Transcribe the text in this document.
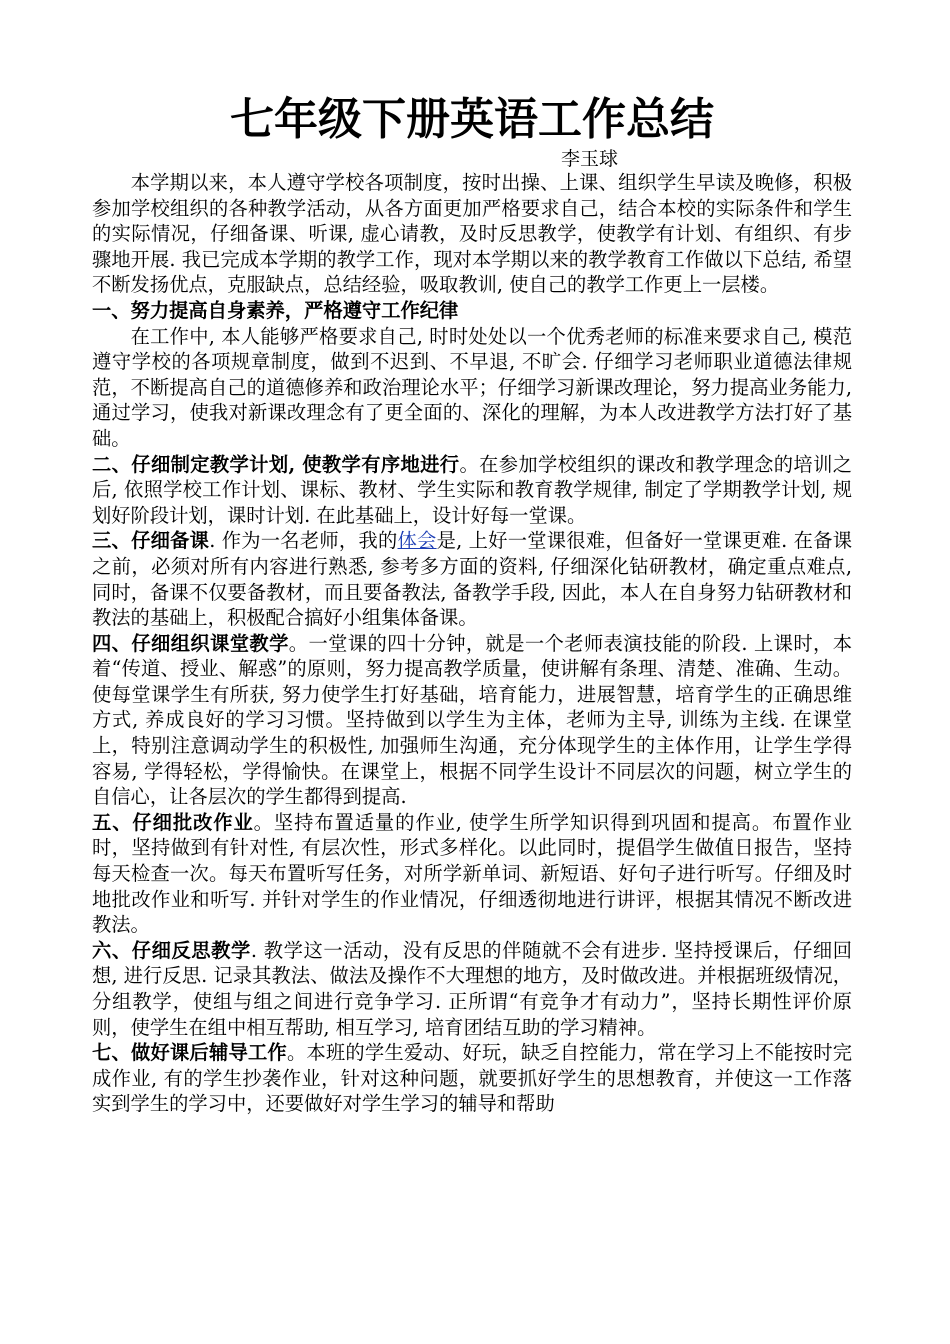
七年级下册英语工作总结

李玉球

本学期以来，本人遵守学校各项制度，按时出操、上课、组织学生早读及晚修，积极参加学校组织的各种教学活动，从各方面更加严格要求自己，结合本校的实际条件和学生的实际情况，仔细备课、听课, 虚心请教，及时反思教学，使教学有计划、有组织、有步骤地开展. 我已完成本学期的教学工作，现对本学期以来的教学教育工作做以下总结, 希望不断发扬优点，克服缺点，总结经验，吸取教训, 使自己的教学工作更上一层楼。

一、努力提高自身素养，严格遵守工作纪律

在工作中, 本人能够严格要求自己, 时时处处以一个优秀老师的标准来要求自己, 模范遵守学校的各项规章制度，做到不迟到、不早退, 不旷会. 仔细学习老师职业道德法律规范，不断提高自己的道德修养和政治理论水平；仔细学习新课改理论，努力提高业务能力, 通过学习，使我对新课改理念有了更全面的、深化的理解，为本人改进教学方法打好了基础。

二、仔细制定教学计划, 使教学有序地进行。在参加学校组织的课改和教学理念的培训之后, 依照学校工作计划、课标、教材、学生实际和教育教学规律, 制定了学期教学计划, 规划好阶段计划，课时计划. 在此基础上，设计好每一堂课。

三、仔细备课. 作为一名老师，我的体会是, 上好一堂课很难，但备好一堂课更难. 在备课之前，必须对所有内容进行熟悉, 参考多方面的资料, 仔细深化钻研教材，确定重点难点, 同时，备课不仅要备教材，而且要备教法, 备教学手段, 因此，本人在自身努力钻研教材和教法的基础上，积极配合搞好小组集体备课。

四、仔细组织课堂教学。一堂课的四十分钟，就是一个老师表演技能的阶段. 上课时，本着“传道、授业、解惑”的原则，努力提高教学质量，使讲解有条理、清楚、准确、生动。使每堂课学生有所获, 努力使学生打好基础，培育能力，进展智慧，培育学生的正确思维方式, 养成良好的学习习惯。坚持做到以学生为主体，老师为主导, 训练为主线. 在课堂上，特别注意调动学生的积极性, 加强师生沟通，充分体现学生的主体作用，让学生学得容易, 学得轻松，学得愉快。在课堂上，根据不同学生设计不同层次的问题，树立学生的自信心，让各层次的学生都得到提高.

五、仔细批改作业。坚持布置适量的作业, 使学生所学知识得到巩固和提高。布置作业时，坚持做到有针对性, 有层次性，形式多样化。以此同时，提倡学生做值日报告，坚持每天检查一次。每天布置听写任务，对所学新单词、新短语、好句子进行听写。仔细及时地批改作业和听写. 并针对学生的作业情况，仔细透彻地进行讲评，根据其情况不断改进教法。

六、仔细反思教学. 教学这一活动，没有反思的伴随就不会有进步. 坚持授课后，仔细回想, 进行反思. 记录其教法、做法及操作不大理想的地方，及时做改进。并根据班级情况，分组教学，使组与组之间进行竞争学习. 正所谓“有竞争才有动力”，坚持长期性评价原则，使学生在组中相互帮助, 相互学习, 培育团结互助的学习精神。

七、做好课后辅导工作。本班的学生爱动、好玩，缺乏自控能力，常在学习上不能按时完成作业, 有的学生抄袭作业，针对这种问题，就要抓好学生的思想教育，并使这一工作落实到学生的学习中，还要做好对学生学习的辅导和帮助
